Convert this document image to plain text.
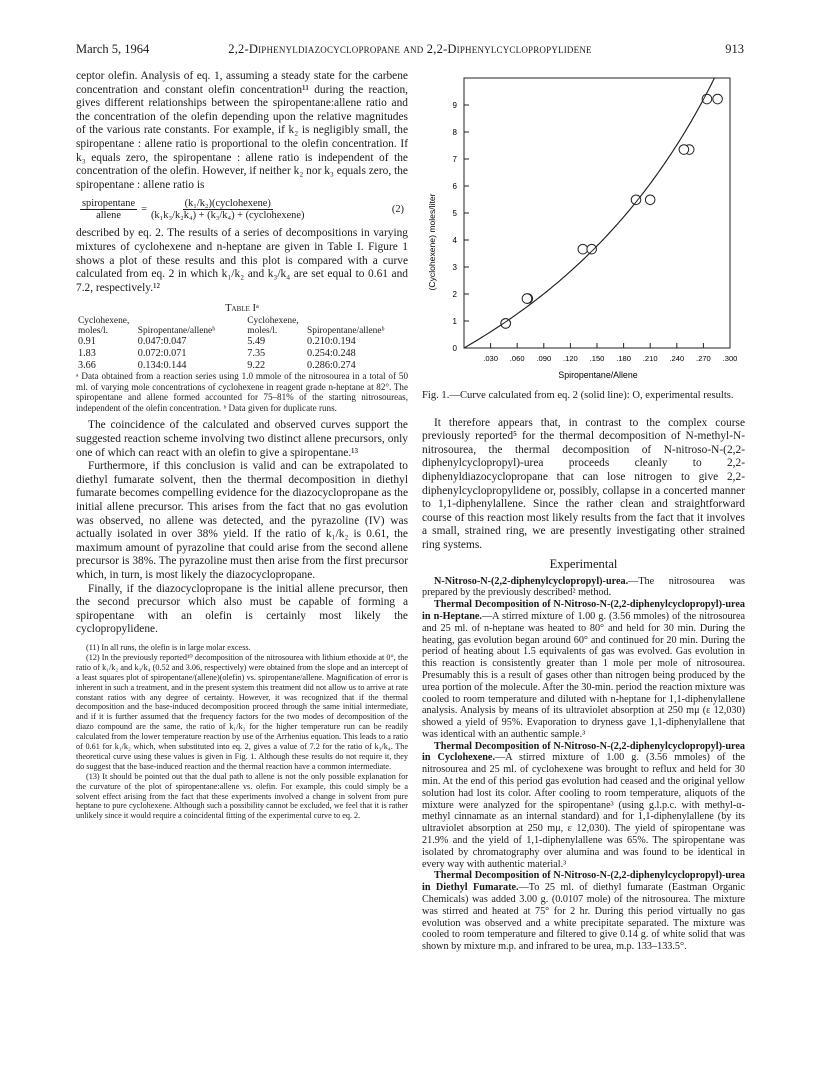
March 5, 1964	2,2-Diphenyldiazocyclopropane and 2,2-Diphenylcyclopropylidene	913

ceptor olefin. Analysis of eq. 1, assuming a steady state for the carbene concentration and constant olefin concentration¹¹ during the reaction, gives different relationships between the spiropentane:allene ratio and the concentration of the olefin depending upon the relative magnitudes of the various rate constants. For example, if k₂ is negligibly small, the spiropentane : allene ratio is proportional to the olefin concentration. If k₃ equals zero, the spiropentane : allene ratio is independent of the concentration of the olefin. However, if neither k₂ nor k₃ equals zero, the spiropentane : allene ratio is

$\frac{\text{spiropentane}}{\text{allene}} = \frac{\text{(k₁/k₂)(cyclohexene)}}{\text{(k₁k₃/k₂k₄) + (k₃/k₄) + (cyclohexene)}}$	(2)

described by eq. 2. The results of a series of decompositions in varying mixtures of cyclohexene and n-heptane are given in Table I. Figure 1 shows a plot of these results and this plot is compared with a curve calculated from eq. 2 in which k₁/k₂ and k₃/k₄ are set equal to 0.61 and 7.2, respectively.¹²

Table Iᵃ
Cyclohexene, moles/l.	Spiropentane/alleneᵇ	Cyclohexene, moles/l.	Spiropentane/alleneᵇ
0.91	0.047:0.047	5.49	0.210:0.194
1.83	0.072:0.071	7.35	0.254:0.248
3.66	0.134:0.144	9.22	0.286:0.274
ᵃ Data obtained from a reaction series using 1.0 mmole of the nitrosourea in a total of 50 ml. of varying mole concentrations of cyclohexene in reagent grade n-heptane at 82°. The spiropentane and allene formed accounted for 75–81% of the starting nitrosoureas, independent of the olefin concentration. ᵇ Data given for duplicate runs.

The coincidence of the calculated and observed curves support the suggested reaction scheme involving two distinct allene precursors, only one of which can react with an olefin to give a spiropentane.¹³

Furthermore, if this conclusion is valid and can be extrapolated to diethyl fumarate solvent, then the thermal decomposition in diethyl fumarate becomes compelling evidence for the diazocyclopropane as the initial allene precursor. This arises from the fact that no gas evolution was observed, no allene was detected, and the pyrazoline (IV) was actually isolated in over 38% yield. If the ratio of k₁/k₂ is 0.61, the maximum amount of pyrazoline that could arise from the second allene precursor is 38%. The pyrazoline must then arise from the first precursor which, in turn, is most likely the diazocyclopropane.

Finally, if the diazocyclopropane is the initial allene precursor, then the second precursor which also must be capable of forming a spiropentane with an olefin is certainly most likely the cyclopropylidene.

(11) In all runs, the olefin is in large molar excess.

(12) In the previously reported¹⁰ decomposition of the nitrosourea with lithium ethoxide at 0°, the ratio of k₁/k₂ and k₃/k₄ (0.52 and 3.06, respectively) were obtained from the slope and an intercept of a least squares plot of spiropentane/(allene)(olefin) vs. spiropentane/allene. Magnification of error is inherent in such a treatment, and in the present system this treatment did not allow us to arrive at rate constant ratios with any degree of certainty. However, it was recognized that if the thermal decomposition and the base-induced decomposition proceed through the same initial intermediate, and if it is further assumed that the frequency factors for the two modes of decomposition of the diazo compound are the same, the ratio of k₁/k₂ for the higher temperature run can be readily calculated from the lower temperature reaction by use of the Arrhenius equation. This leads to a ratio of 0.61 for k₁/k₂ which, when substituted into eq. 2, gives a value of 7.2 for the ratio of k₃/k₄. The theoretical curve using these values is given in Fig. 1. Although these results do not require it, they do suggest that the base-induced reaction and the thermal reaction have a common intermediate.

(13) It should be pointed out that the dual path to allene is not the only possible explanation for the curvature of the plot of spiropentane:allene vs. olefin. For example, this could simply be a solvent effect arising from the fact that these experiments involved a change in solvent from pure heptane to pure cyclohexene. Although such a possibility cannot be excluded, we feel that it is rather unlikely since it would require a coincidental fitting of the experimental curve to eq. 2.

0
1
2
3
4
5
6
7
8
9
.030 .060 .090 .120 .150 .180 .210 .240 .270 .300
(Cyclohexene) moles/liter
Spiropentane/Allene

Fig. 1.—Curve calculated from eq. 2 (solid line): O, experimental results.

It therefore appears that, in contrast to the complex course previously reported⁵ for the thermal decomposition of N-methyl-N-nitrosourea, the thermal decomposition of N-nitroso-N-(2,2-diphenylcyclopropyl)-urea proceeds cleanly to 2,2-diphenyldiazocyclopropane that can lose nitrogen to give 2,2-diphenylcyclopropylidene or, possibly, collapse in a concerted manner to 1,1-diphenylallene. Since the rather clean and straightforward course of this reaction most likely results from the fact that it involves a small, strained ring, we are presently investigating other strained ring systems.

Experimental

N-Nitroso-N-(2,2-diphenylcyclopropyl)-urea.—The nitrosourea was prepared by the previously described² method.

Thermal Decomposition of N-Nitroso-N-(2,2-diphenylcyclopropyl)-urea in n-Heptane.—A stirred mixture of 1.00 g. (3.56 mmoles) of the nitrosourea and 25 ml. of n-heptane was heated to 80° and held for 30 min. During the heating, gas evolution began around 60° and continued for 20 min. During the period of heating about 1.5 equivalents of gas was evolved. Gas evolution in this reaction is consistently greater than 1 mole per mole of nitrosourea. Presumably this is a result of gases other than nitrogen being produced by the urea portion of the molecule. After the 30-min. period the reaction mixture was cooled to room temperature and diluted with n-heptane for 1,1-diphenylallene analysis. Analysis by means of its ultraviolet absorption at 250 mμ (ε 12,030) showed a yield of 95%. Evaporation to dryness gave 1,1-diphenylallene that was identical with an authentic sample.³

Thermal Decomposition of N-Nitroso-N-(2,2-diphenylcyclopropyl)-urea in Cyclohexene.—A stirred mixture of 1.00 g. (3.56 mmoles) of the nitrosourea and 25 ml. of cyclohexene was brought to reflux and held for 30 min. At the end of this period gas evolution had ceased and the original yellow solution had lost its color. After cooling to room temperature, aliquots of the mixture were analyzed for the spiropentane³ (using g.l.p.c. with methyl-α-methyl cinnamate as an internal standard) and for 1,1-diphenylallene (by its ultraviolet absorption at 250 mμ, ε 12,030). The yield of spiropentane was 21.9% and the yield of 1,1-diphenylallene was 65%. The spiropentane was isolated by chromatography over alumina and was found to be identical in every way with authentic material.³

Thermal Decomposition of N-Nitroso-N-(2,2-diphenylcyclopropyl)-urea in Diethyl Fumarate.—To 25 ml. of diethyl fumarate (Eastman Organic Chemicals) was added 3.00 g. (0.0107 mole) of the nitrosourea. The mixture was stirred and heated at 75° for 2 hr. During this period virtually no gas evolution was observed and a white precipitate separated. The mixture was cooled to room temperature and filtered to give 0.14 g. of white solid that was shown by mixture m.p. and infrared to be urea, m.p. 133–133.5°.
